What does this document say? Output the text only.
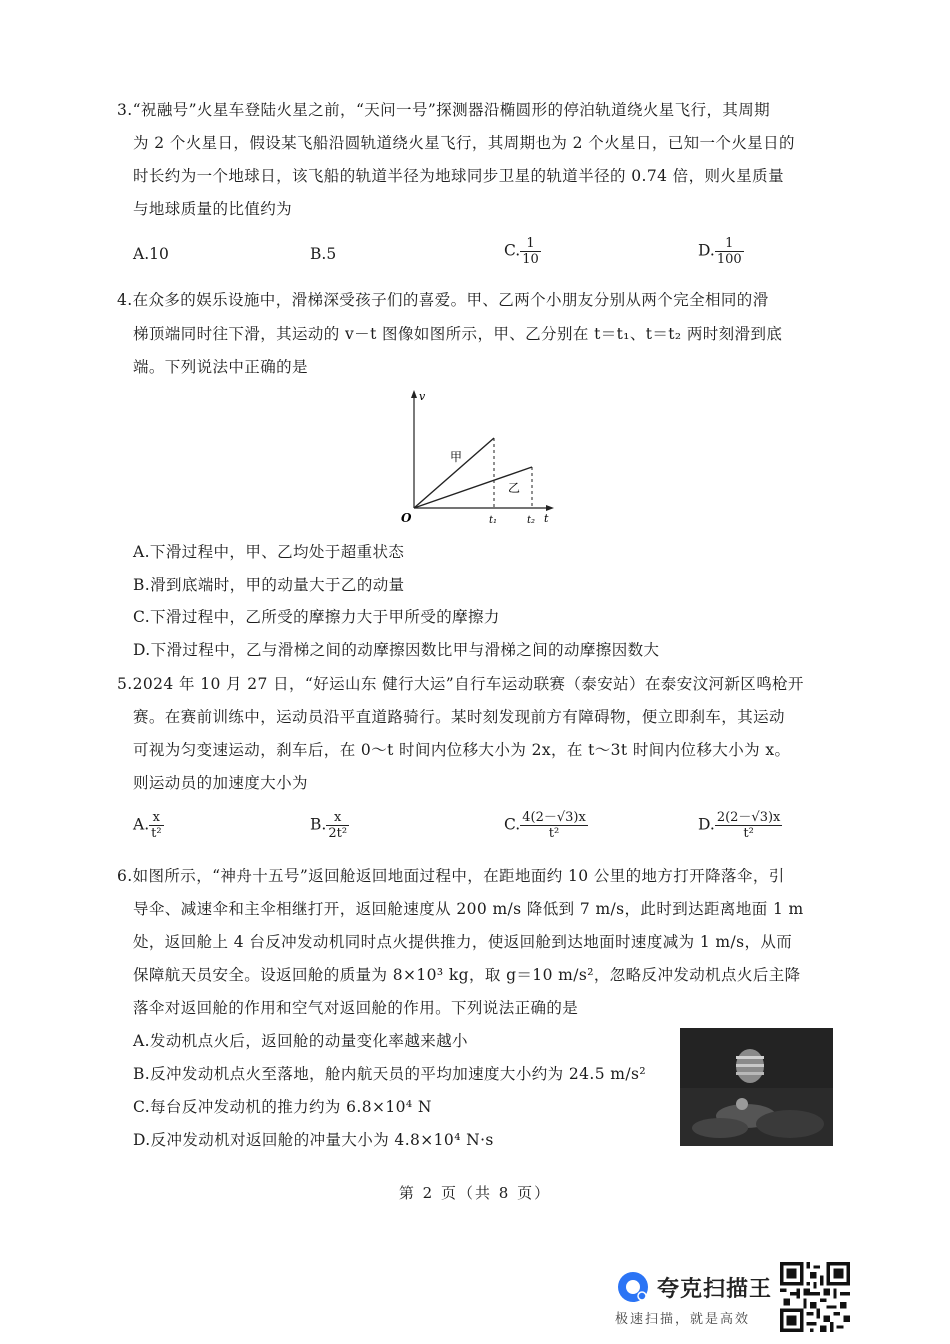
3.“祝融号”火星车登陆火星之前，“天问一号”探测器沿椭圆形的停泊轨道绕火星飞行，其周期
为 2 个火星日，假设某飞船沿圆轨道绕火星飞行，其周期也为 2 个火星日，已知一个火星日的
时长约为一个地球日，该飞船的轨道半径为地球同步卫星的轨道半径的 0.74 倍，则火星质量
与地球质量的比值约为
A.10	B.5	C. $\frac{1}{10}$	D. $\frac{1}{100}$
4.在众多的娱乐设施中，滑梯深受孩子们的喜爱。甲、乙两个小朋友分别从两个完全相同的滑
梯顶端同时往下滑，其运动的 v－t 图像如图所示，甲、乙分别在 t＝t₁、t＝t₂ 两时刻滑到底
端。下列说法中正确的是
v
O	t
甲
乙
t₁	t₂
A.下滑过程中，甲、乙均处于超重状态
B.滑到底端时，甲的动量大于乙的动量
C.下滑过程中，乙所受的摩擦力大于甲所受的摩擦力
D.下滑过程中，乙与滑梯之间的动摩擦因数比甲与滑梯之间的动摩擦因数大
5.2024 年 10 月 27 日，“好运山东 健行大运”自行车运动联赛（泰安站）在泰安汶河新区鸣枪开
赛。在赛前训练中，运动员沿平直道路骑行。某时刻发现前方有障碍物，便立即刹车，其运动
可视为匀变速运动，刹车后，在 0～t 时间内位移大小为 2x，在 t～3t 时间内位移大小为 x。
则运动员的加速度大小为
A. $\frac{x}{\text{t²}}$	B. $\frac{x}{\text{2t²}}$	C. $\frac{4(2-√3)x}{\text{t²}}$	D. $\frac{2(2-√3)x}{\text{t²}}$
6.如图所示，“神舟十五号”返回舱返回地面过程中，在距地面约 10 公里的地方打开降落伞，引
导伞、减速伞和主伞相继打开，返回舱速度从 200 m/s 降低到 7 m/s，此时到达距离地面 1 m
处，返回舱上 4 台反冲发动机同时点火提供推力，使返回舱到达地面时速度减为 1 m/s，从而
保障航天员安全。设返回舱的质量为 8×10³ kg，取 g＝10 m/s²，忽略反冲发动机点火后主降
落伞对返回舱的作用和空气对返回舱的作用。下列说法正确的是
A.发动机点火后，返回舱的动量变化率越来越小
B.反冲发动机点火至落地，舱内航天员的平均加速度大小约为 24.5 m/s²
C.每台反冲发动机的推力约为 6.8×10⁴ N
D.反冲发动机对返回舱的冲量大小为 4.8×10⁴ N·s
第 2 页（共 8 页）
夸克扫描王
极速扫描，就是高效
